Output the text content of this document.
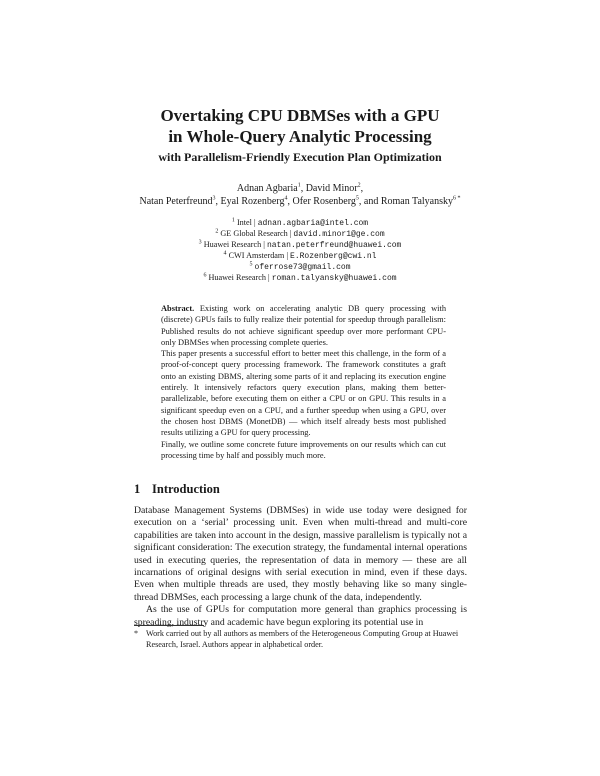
Overtaking CPU DBMSes with a GPU
in Whole-Query Analytic Processing
with Parallelism-Friendly Execution Plan Optimization
Adnan Agbaria$^1$, David Minor$^2$,
Natan Peterfreund$^3$, Eyal Rozenberg$^4$, Ofer Rosenberg$^5$, and Roman Talyansky$^{6 *}$
$^1$ Intel | adnan.agbaria@intel.com
$^2$ GE Global Research | david.minor1@ge.com
$^3$ Huawei Research | natan.peterfreund@huawei.com
$^4$ CWI Amsterdam | E.Rozenberg@cwi.nl
$^5$ oferrose73@gmail.com
$^6$ Huawei Research | roman.talyansky@huawei.com

Abstract. Existing work on accelerating analytic DB query processing with (discrete) GPUs fails to fully realize their potential for speedup through parallelism: Published results do not achieve significant speedup over more performant CPU-only DBMSes when processing complete queries.

This paper presents a successful effort to better meet this challenge, in the form of a proof-of-concept query processing framework. The framework constitutes a graft onto an existing DBMS, altering some parts of it and replacing its execution engine entirely. It intensively refactors query execution plans, making them better-parallelizable, before executing them on either a CPU or on GPU. This results in a significant speedup even on a CPU, and a further speedup when using a GPU, over the chosen host DBMS (MonetDB) — which itself already bests most published results utilizing a GPU for query processing.

Finally, we outline some concrete future improvements on our results which can cut processing time by half and possibly much more.

1 Introduction

Database Management Systems (DBMSes) in wide use today were designed for execution on a ‘serial’ processing unit. Even when multi-thread and multi-core capabilities are taken into account in the design, massive parallelism is typically not a significant consideration: The execution strategy, the fundamental internal operations used in executing queries, the representation of data in memory — these are all incarnations of original designs with serial execution in mind, even if these days. Even when multiple threads are used, they mostly behaving like so many single-thread DBMSes, each processing a large chunk of the data, independently.

As the use of GPUs for computation more general than graphics processing is spreading, industry and academic have begun exploring its potential use in

* Work carried out by all authors as members of the Heterogeneous Computing Group at Huawei Research, Israel. Authors appear in alphabetical order.
